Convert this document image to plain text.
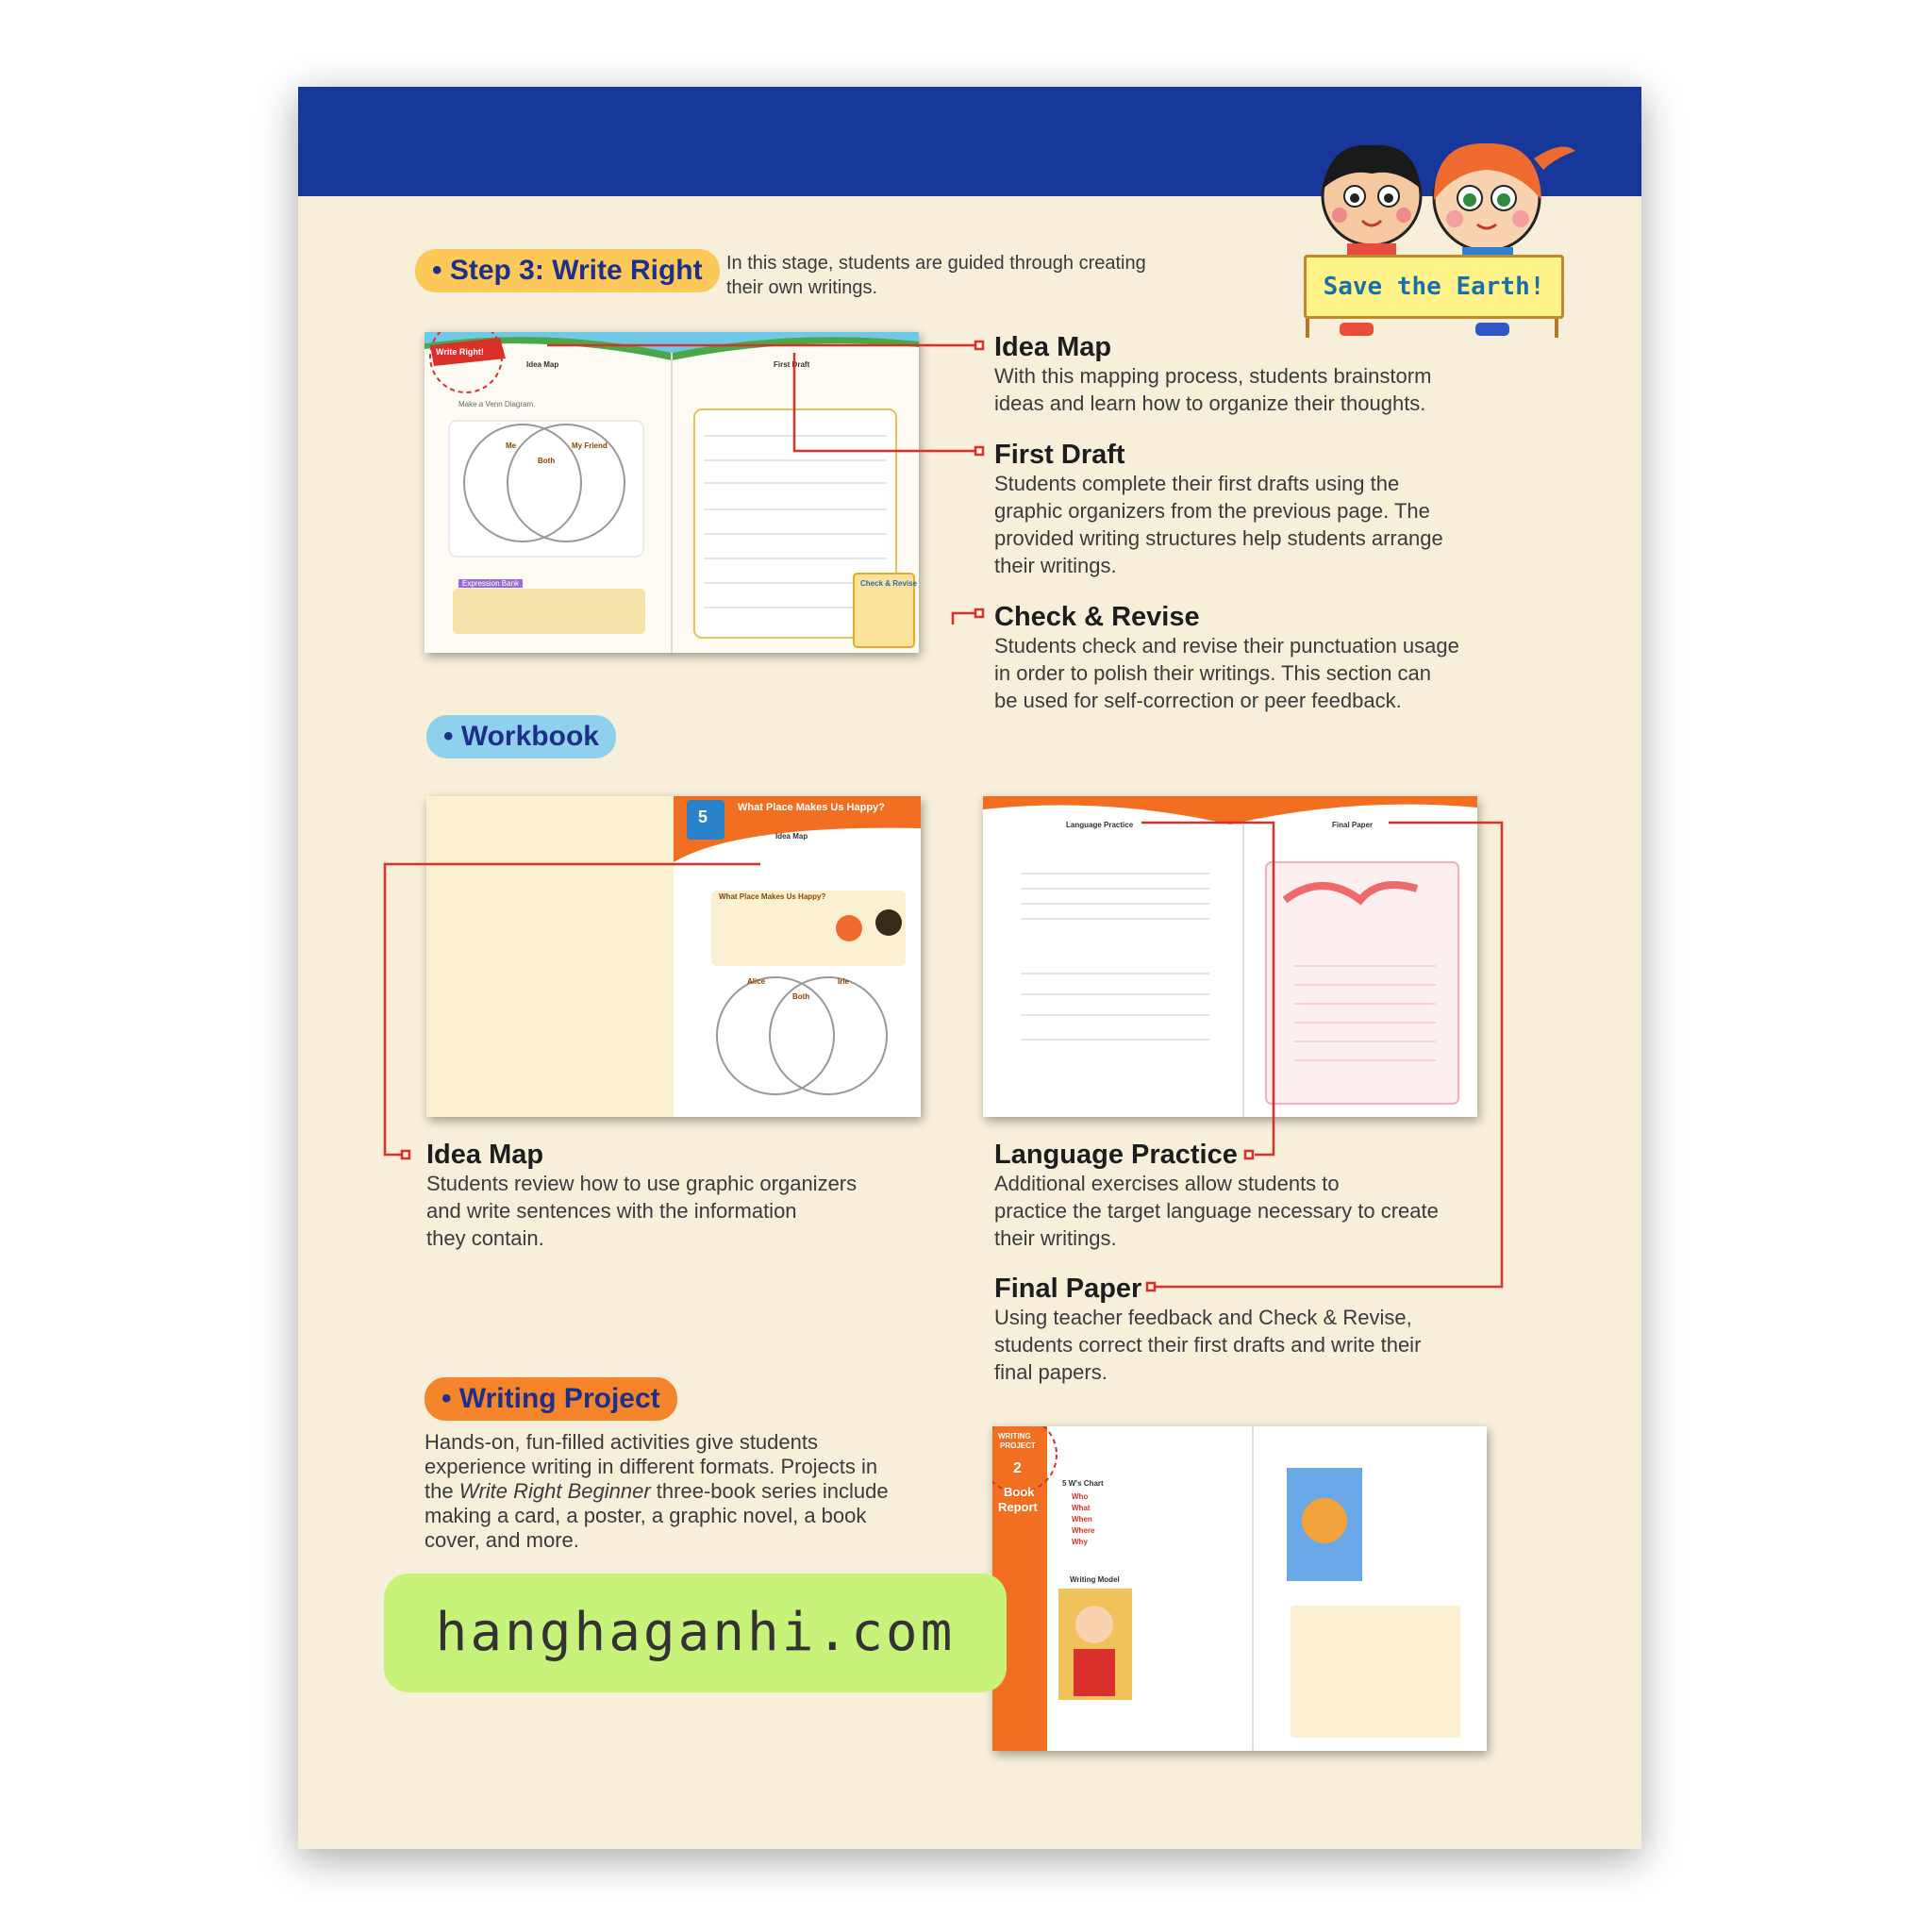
Save the Earth!
• Step 3: Write Right	In this stage, students are guided through creating
their own writings.
Write Right!
Idea Map	First Draft
Make a Venn Diagram.
Me
Both
My Friend
Expression Bank	Check & Revise
Idea Map
With this mapping process, students brainstorm
ideas and learn how to organize their thoughts.
First Draft
Students complete their first drafts using the
graphic organizers from the previous page. The
provided writing structures help students arrange
their writings.
Check & Revise
Students check and revise their punctuation usage
in order to polish their writings. This section can
be used for self-correction or peer feedback.
• Workbook
5	What Place Makes Us Happy?
Idea Map
What Place Makes Us Happy?
Alice
Both
Irie
Language Practice	Final Paper
Idea Map
Students review how to use graphic organizers
and write sentences with the information
they contain.
Language Practice
Additional exercises allow students to
practice the target language necessary to create
their writings.
Final Paper
Using teacher feedback and Check & Revise,
students correct their first drafts and write their
final papers.
• Writing Project
Hands-on, fun-filled activities give students
experience writing in different formats. Projects in
the Write Right Beginner three-book series include
making a card, a poster, a graphic novel, a book
cover, and more.
WRITING
PROJECT
2
Book
Report
5 W's Chart
Who
What
When
Where
Why
Writing Model
hanghaganhi.com
